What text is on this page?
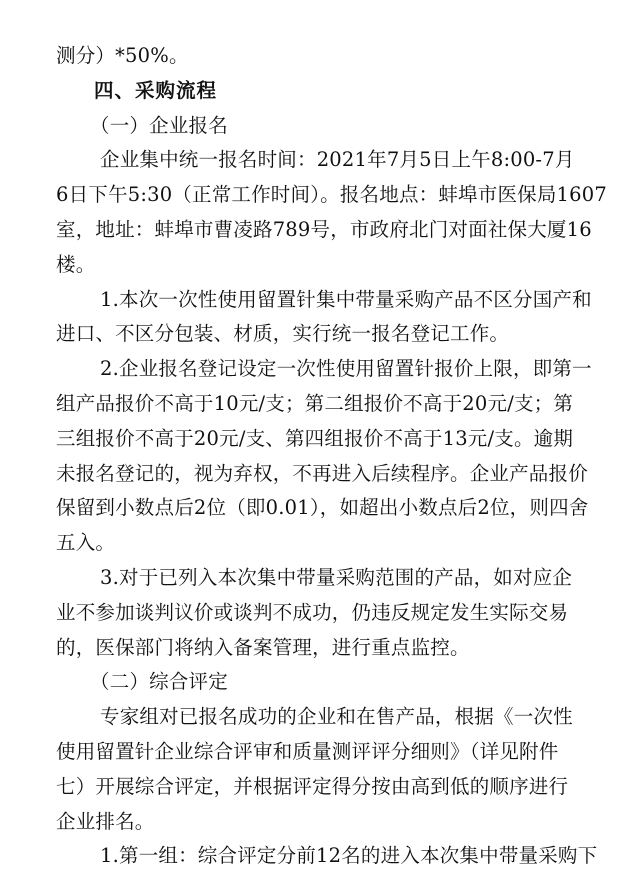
测分）*50%。
四、采购流程
（一）企业报名
企业集中统一报名时间：2021年7月5日上午8:00-7月
6日下午5:30（正常工作时间）。报名地点：蚌埠市医保局1607
室，地址：蚌埠市曹凌路789号，市政府北门对面社保大厦16
楼。
1.本次一次性使用留置针集中带量采购产品不区分国产和
进口、不区分包装、材质，实行统一报名登记工作。
2.企业报名登记设定一次性使用留置针报价上限，即第一
组产品报价不高于10元/支；第二组报价不高于20元/支；第
三组报价不高于20元/支、第四组报价不高于13元/支。逾期
未报名登记的，视为弃权，不再进入后续程序。企业产品报价
保留到小数点后2位（即0.01），如超出小数点后2位，则四舍
五入。
3.对于已列入本次集中带量采购范围的产品，如对应企
业不参加谈判议价或谈判不成功，仍违反规定发生实际交易
的，医保部门将纳入备案管理，进行重点监控。
（二）综合评定
专家组对已报名成功的企业和在售产品，根据《一次性
使用留置针企业综合评审和质量测评评分细则》（详见附件
七）开展综合评定，并根据评定得分按由高到低的顺序进行
企业排名。
1.第一组：综合评定分前12名的进入本次集中带量采购下
